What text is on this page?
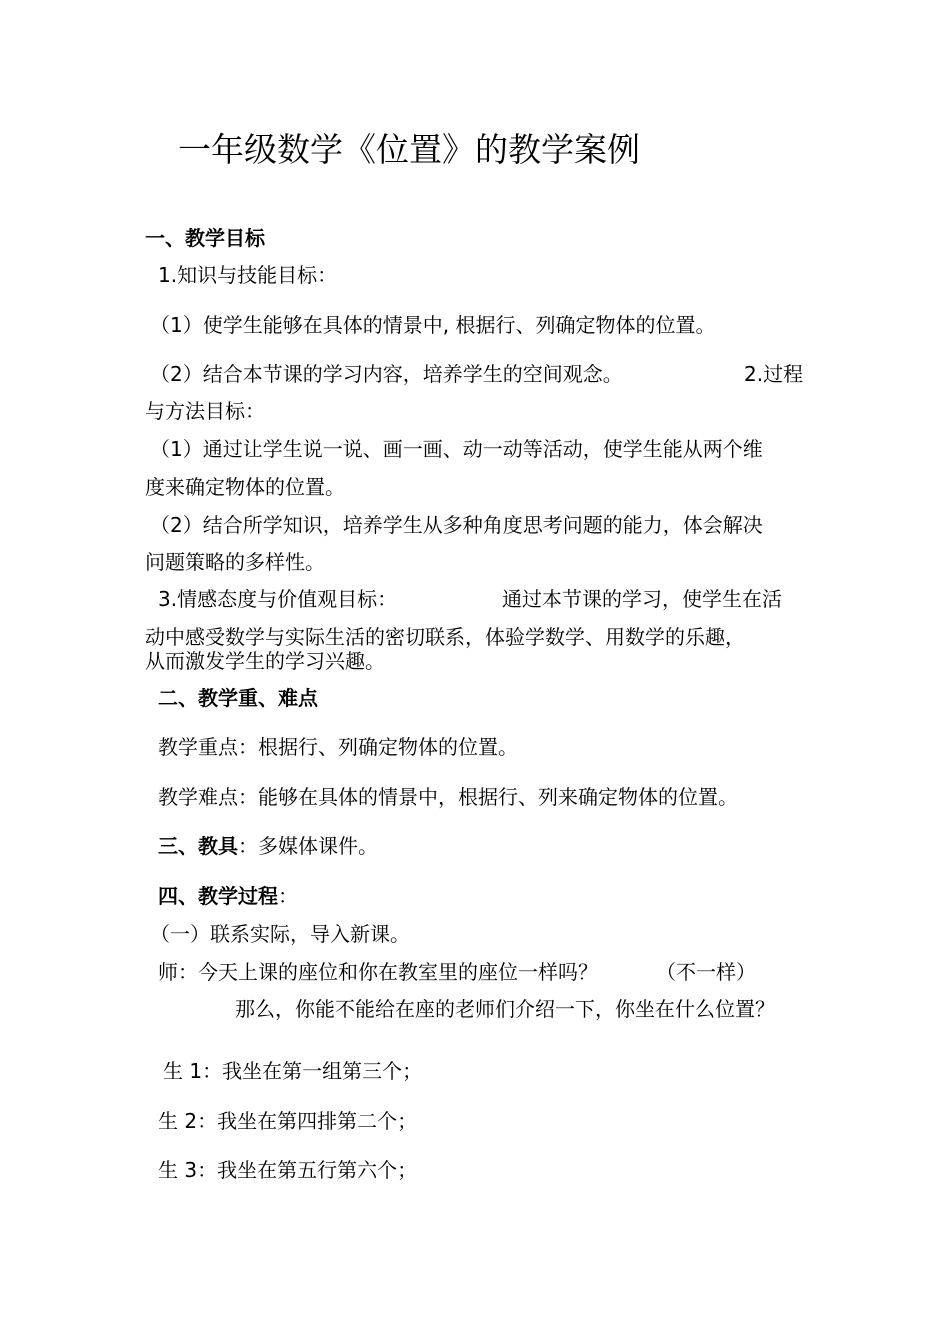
一年级数学《位置》的教学案例
一、教学目标
1.知识与技能目标：
（1）使学生能够在具体的情景中, 根据行、列确定物体的位置。
（2）结合本节课的学习内容，培养学生的空间观念。	2.过程
与方法目标：
（1）通过让学生说一说、画一画、动一动等活动，使学生能从两个维
度来确定物体的位置。
（2）结合所学知识，培养学生从多种角度思考问题的能力，体会解决
问题策略的多样性。
3.情感态度与价值观目标：	通过本节课的学习，使学生在活
动中感受数学与实际生活的密切联系，体验学数学、用数学的乐趣，
从而激发学生的学习兴趣。
二、教学重、难点
教学重点：根据行、列确定物体的位置。
教学难点：能够在具体的情景中，根据行、列来确定物体的位置。
三、教具：多媒体课件。
四、教学过程：
（一）联系实际，导入新课。
师：今天上课的座位和你在教室里的座位一样吗？	（不一样）
那么，你能不能给在座的老师们介绍一下，你坐在什么位置？
生 1：我坐在第一组第三个；
生 2：我坐在第四排第二个；
生 3：我坐在第五行第六个；
